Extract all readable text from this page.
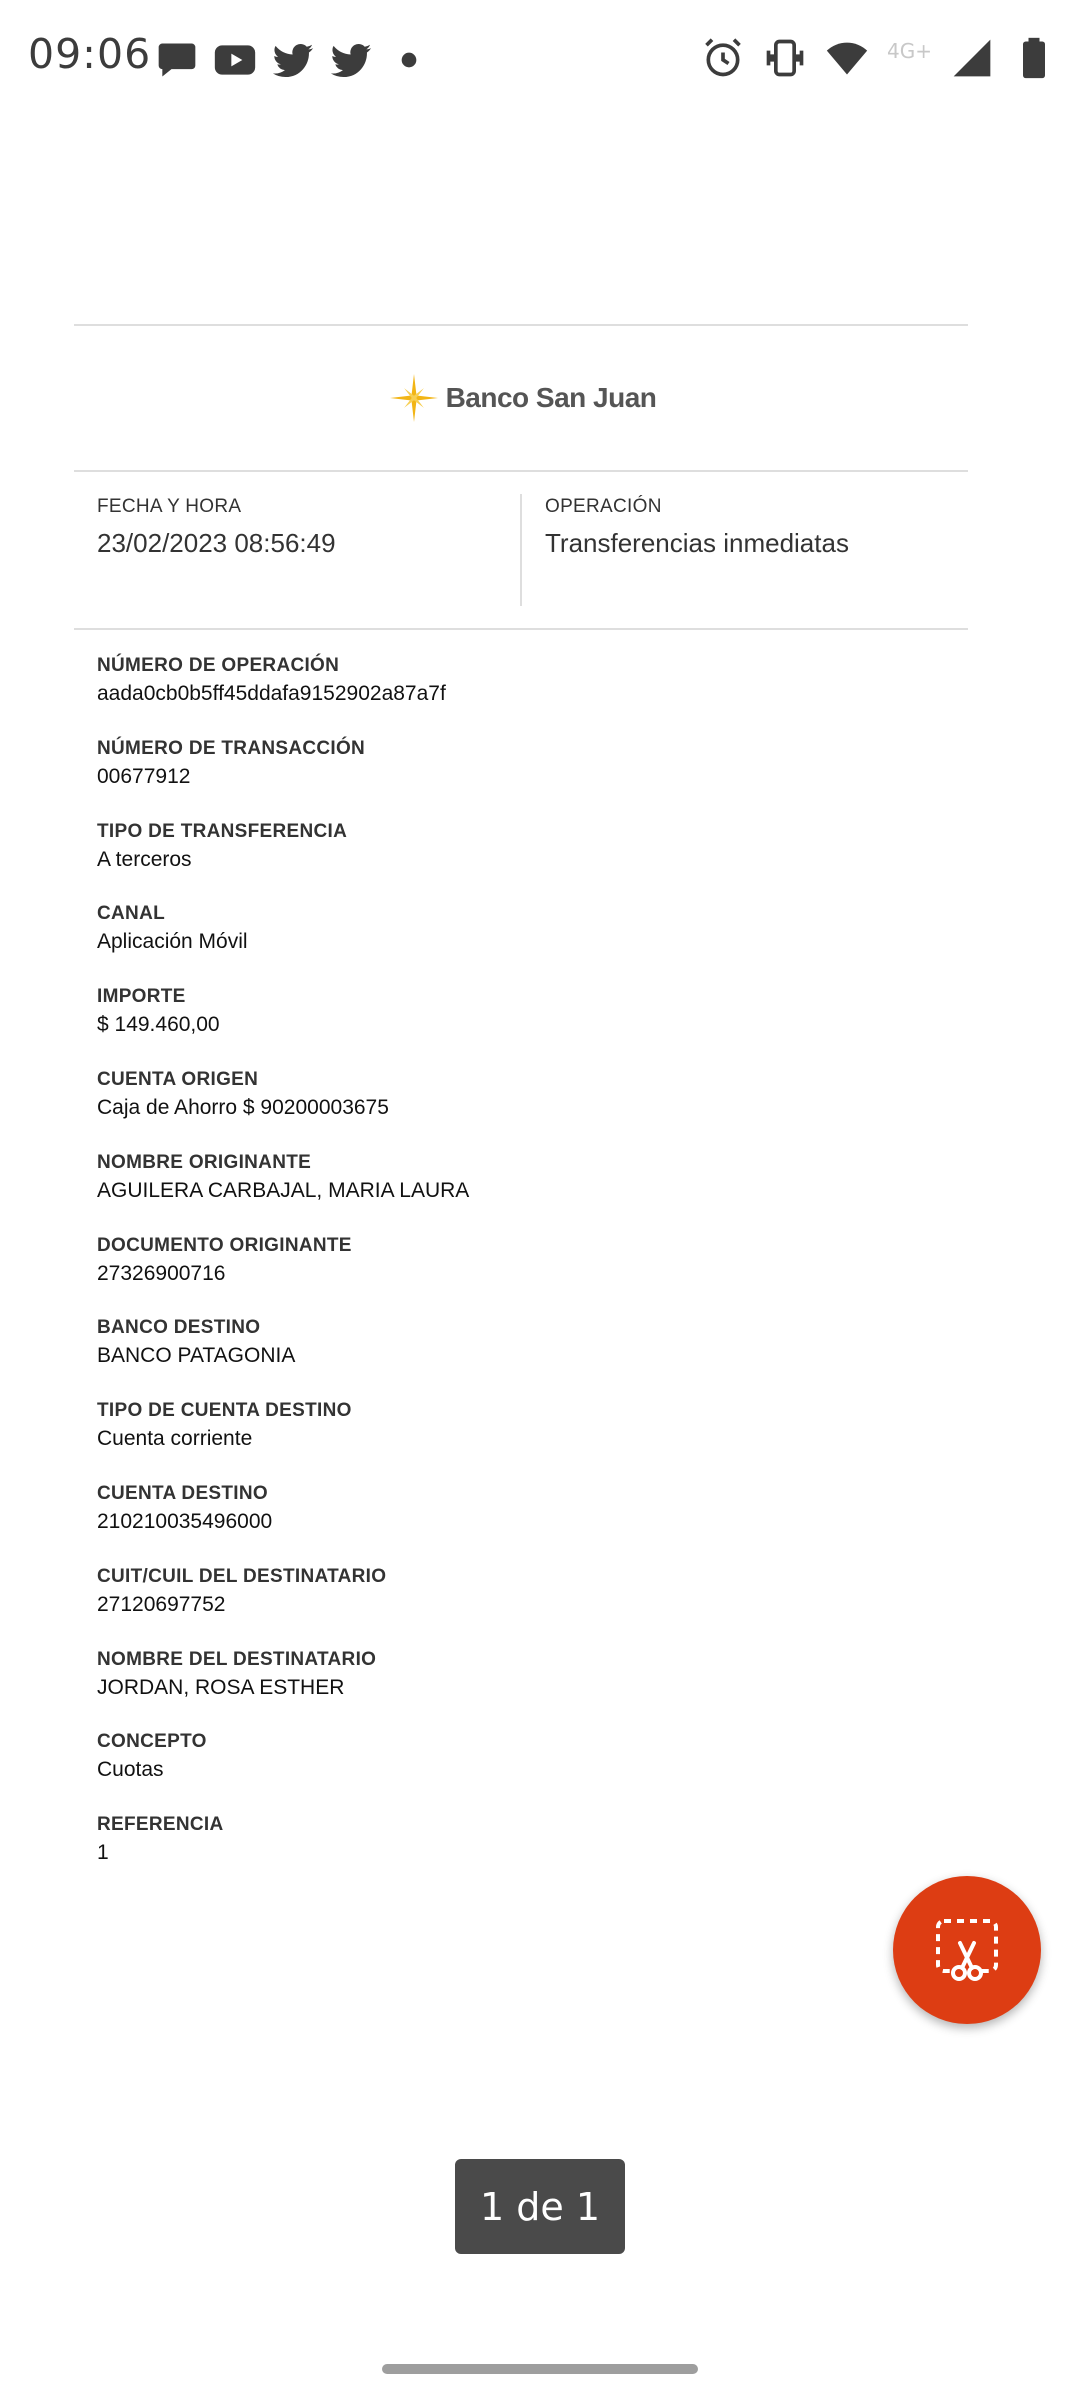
09:06	4G+
Banco San Juan
FECHA Y HORA
23/02/2023 08:56:49
OPERACIÓN
Transferencias inmediatas
NÚMERO DE OPERACIÓN
aada0cb0b5ff45ddafa9152902a87a7f
NÚMERO DE TRANSACCIÓN
00677912
TIPO DE TRANSFERENCIA
A terceros
CANAL
Aplicación Móvil
IMPORTE
$ 149.460,00
CUENTA ORIGEN
Caja de Ahorro $ 90200003675
NOMBRE ORIGINANTE
AGUILERA CARBAJAL, MARIA LAURA
DOCUMENTO ORIGINANTE
27326900716
BANCO DESTINO
BANCO PATAGONIA
TIPO DE CUENTA DESTINO
Cuenta corriente
CUENTA DESTINO
210210035496000
CUIT/CUIL DEL DESTINATARIO
27120697752
NOMBRE DEL DESTINATARIO
JORDAN, ROSA ESTHER
CONCEPTO
Cuotas
REFERENCIA
1
1 de 1
